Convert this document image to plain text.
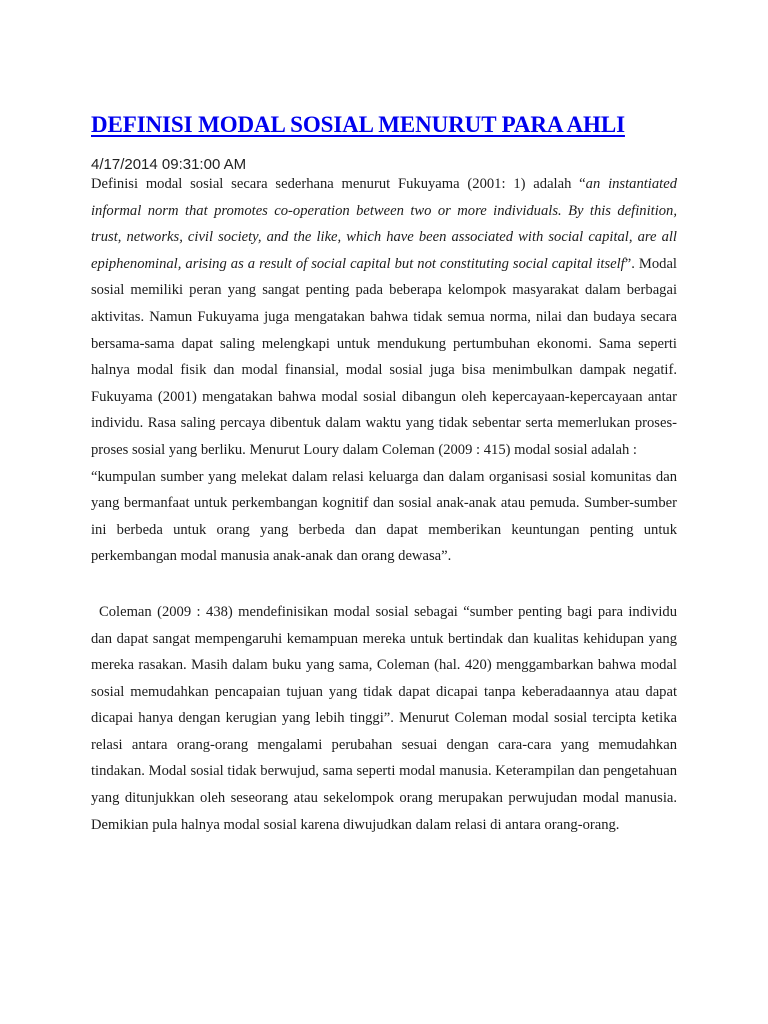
DEFINISI MODAL SOSIAL MENURUT PARA AHLI
4/17/2014 09:31:00 AM

Definisi modal sosial secara sederhana menurut Fukuyama (2001: 1) adalah “an instantiated informal norm that promotes co-operation between two or more individuals. By this definition, trust, networks, civil society, and the like, which have been associated with social capital, are all epiphenominal, arising as a result of social capital but not constituting social capital itself”. Modal sosial memiliki peran yang sangat penting pada beberapa kelompok masyarakat dalam berbagai aktivitas. Namun Fukuyama juga mengatakan bahwa tidak semua norma, nilai dan budaya secara bersama-sama dapat saling melengkapi untuk mendukung pertumbuhan ekonomi. Sama seperti halnya modal fisik dan modal finansial, modal sosial juga bisa menimbulkan dampak negatif. Fukuyama (2001) mengatakan bahwa modal sosial dibangun oleh kepercayaan-kepercayaan antar individu. Rasa saling percaya dibentuk dalam waktu yang tidak sebentar serta memerlukan proses-proses sosial yang berliku. Menurut Loury dalam Coleman (2009 : 415) modal sosial adalah :

“kumpulan sumber yang melekat dalam relasi keluarga dan dalam organisasi sosial komunitas dan yang bermanfaat untuk perkembangan kognitif dan sosial anak-anak atau pemuda. Sumber-sumber ini berbeda untuk orang yang berbeda dan dapat memberikan keuntungan penting untuk perkembangan modal manusia anak-anak dan orang dewasa”.

Coleman (2009 : 438) mendefinisikan modal sosial sebagai “sumber penting bagi para individu dan dapat sangat mempengaruhi kemampuan mereka untuk bertindak dan kualitas kehidupan yang mereka rasakan. Masih dalam buku yang sama, Coleman (hal. 420) menggambarkan bahwa modal sosial memudahkan pencapaian tujuan yang tidak dapat dicapai tanpa keberadaannya atau dapat dicapai hanya dengan kerugian yang lebih tinggi”. Menurut Coleman modal sosial tercipta ketika relasi antara orang-orang mengalami perubahan sesuai dengan cara-cara yang memudahkan tindakan. Modal sosial tidak berwujud, sama seperti modal manusia. Keterampilan dan pengetahuan yang ditunjukkan oleh seseorang atau sekelompok orang merupakan perwujudan modal manusia. Demikian pula halnya modal sosial karena diwujudkan dalam relasi di antara orang-orang.
